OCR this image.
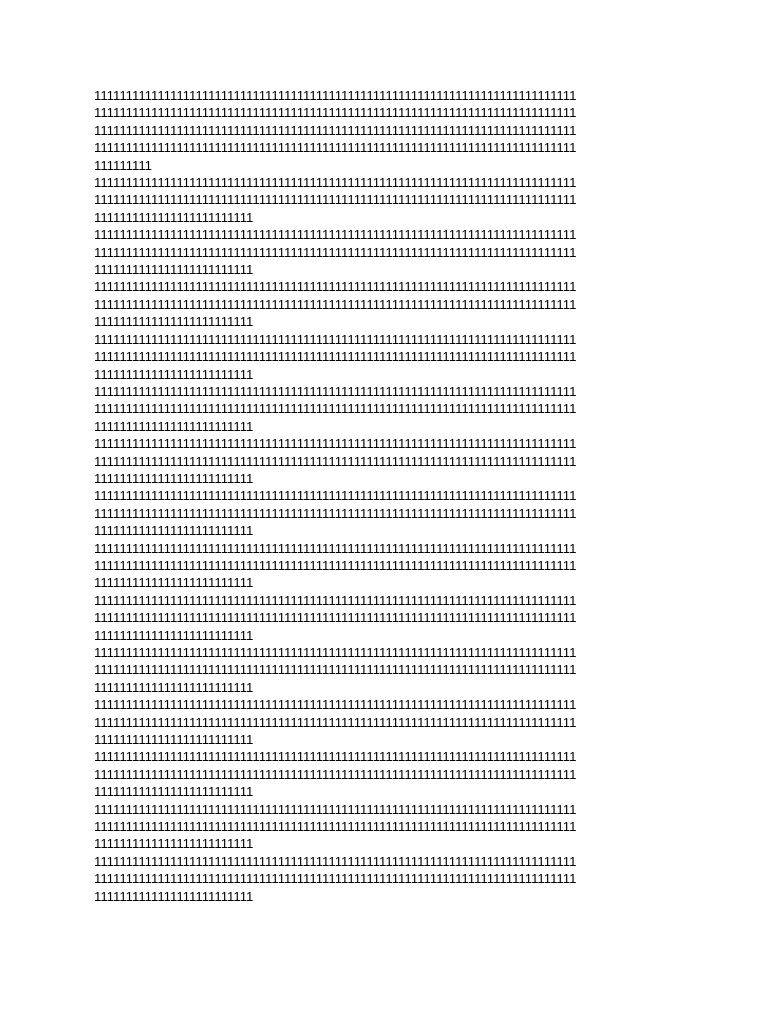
1111111111111111111111111111111111111111111111111111111111111111111111111111
1111111111111111111111111111111111111111111111111111111111111111111111111111
1111111111111111111111111111111111111111111111111111111111111111111111111111
1111111111111111111111111111111111111111111111111111111111111111111111111111
111111111
1111111111111111111111111111111111111111111111111111111111111111111111111111
1111111111111111111111111111111111111111111111111111111111111111111111111111
1111111111111111111111111
1111111111111111111111111111111111111111111111111111111111111111111111111111
1111111111111111111111111111111111111111111111111111111111111111111111111111
1111111111111111111111111
1111111111111111111111111111111111111111111111111111111111111111111111111111
1111111111111111111111111111111111111111111111111111111111111111111111111111
1111111111111111111111111
1111111111111111111111111111111111111111111111111111111111111111111111111111
1111111111111111111111111111111111111111111111111111111111111111111111111111
1111111111111111111111111
1111111111111111111111111111111111111111111111111111111111111111111111111111
1111111111111111111111111111111111111111111111111111111111111111111111111111
1111111111111111111111111
1111111111111111111111111111111111111111111111111111111111111111111111111111
1111111111111111111111111111111111111111111111111111111111111111111111111111
1111111111111111111111111
1111111111111111111111111111111111111111111111111111111111111111111111111111
1111111111111111111111111111111111111111111111111111111111111111111111111111
1111111111111111111111111
1111111111111111111111111111111111111111111111111111111111111111111111111111
1111111111111111111111111111111111111111111111111111111111111111111111111111
1111111111111111111111111
1111111111111111111111111111111111111111111111111111111111111111111111111111
1111111111111111111111111111111111111111111111111111111111111111111111111111
1111111111111111111111111
1111111111111111111111111111111111111111111111111111111111111111111111111111
1111111111111111111111111111111111111111111111111111111111111111111111111111
1111111111111111111111111
1111111111111111111111111111111111111111111111111111111111111111111111111111
1111111111111111111111111111111111111111111111111111111111111111111111111111
1111111111111111111111111
1111111111111111111111111111111111111111111111111111111111111111111111111111
1111111111111111111111111111111111111111111111111111111111111111111111111111
1111111111111111111111111
1111111111111111111111111111111111111111111111111111111111111111111111111111
1111111111111111111111111111111111111111111111111111111111111111111111111111
1111111111111111111111111
1111111111111111111111111111111111111111111111111111111111111111111111111111
1111111111111111111111111111111111111111111111111111111111111111111111111111
1111111111111111111111111
